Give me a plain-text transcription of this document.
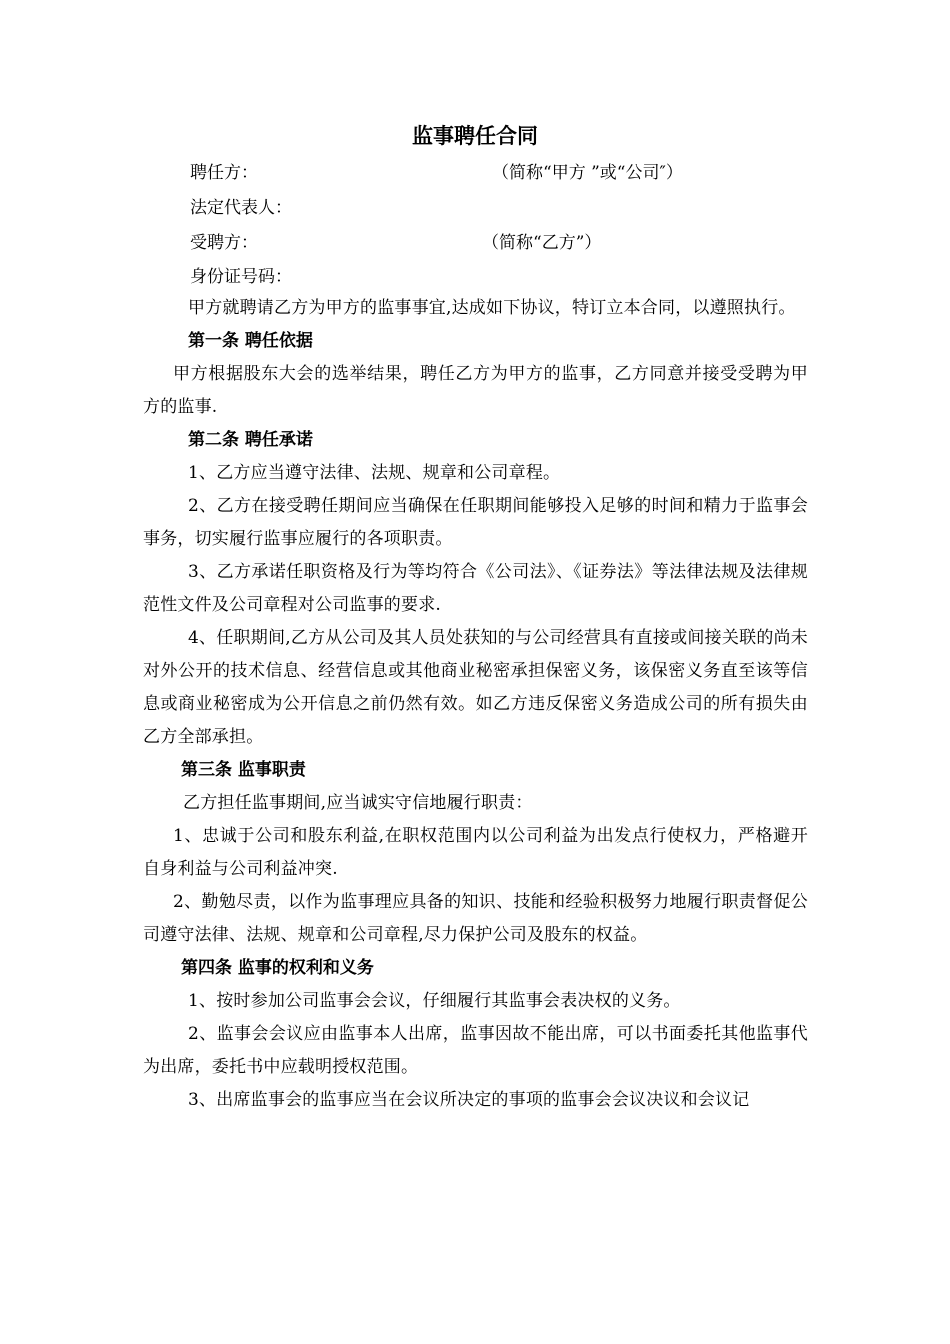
监事聘任合同
聘任方：	（简称“甲方 ”或“公司″）
法定代表人：
受聘方：	（简称“乙方”）
身份证号码：

甲方就聘请乙方为甲方的监事事宜,达成如下协议，特订立本合同，以遵照执行。

第一条 聘任依据

甲方根据股东大会的选举结果，聘任乙方为甲方的监事，乙方同意并接受受聘为甲方的监事.

第二条 聘任承诺

1、乙方应当遵守法律、法规、规章和公司章程。

2、乙方在接受聘任期间应当确保在任职期间能够投入足够的时间和精力于监事会事务，切实履行监事应履行的各项职责。

3、乙方承诺任职资格及行为等均符合《公司法》、《证券法》等法律法规及法律规范性文件及公司章程对公司监事的要求.

4、任职期间,乙方从公司及其人员处获知的与公司经营具有直接或间接关联的尚未对外公开的技术信息、经营信息或其他商业秘密承担保密义务，该保密义务直至该等信息或商业秘密成为公开信息之前仍然有效。如乙方违反保密义务造成公司的所有损失由乙方全部承担。

第三条 监事职责

乙方担任监事期间,应当诚实守信地履行职责：

1、忠诚于公司和股东利益,在职权范围内以公司利益为出发点行使权力，严格避开自身利益与公司利益冲突.

2、勤勉尽责，以作为监事理应具备的知识、技能和经验积极努力地履行职责督促公司遵守法律、法规、规章和公司章程,尽力保护公司及股东的权益。

第四条 监事的权利和义务

1、按时参加公司监事会会议，仔细履行其监事会表决权的义务。

2、监事会会议应由监事本人出席，监事因故不能出席，可以书面委托其他监事代为出席，委托书中应载明授权范围。

3、出席监事会的监事应当在会议所决定的事项的监事会会议决议和会议记
